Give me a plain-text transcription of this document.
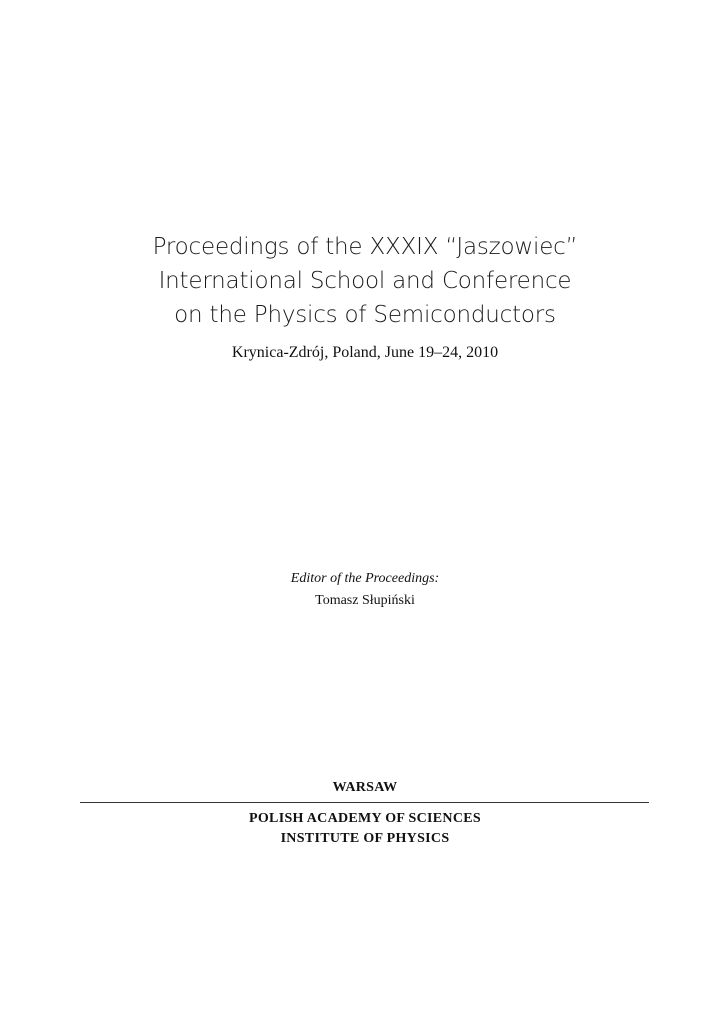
Proceedings of the XXXIX “Jaszowiec”
International School and Conference
on the Physics of Semiconductors
Krynica-Zdrój, Poland, June 19–24, 2010
Editor of the Proceedings:
Tomasz Słupiński
WARSAW
POLISH ACADEMY OF SCIENCES
INSTITUTE OF PHYSICS
